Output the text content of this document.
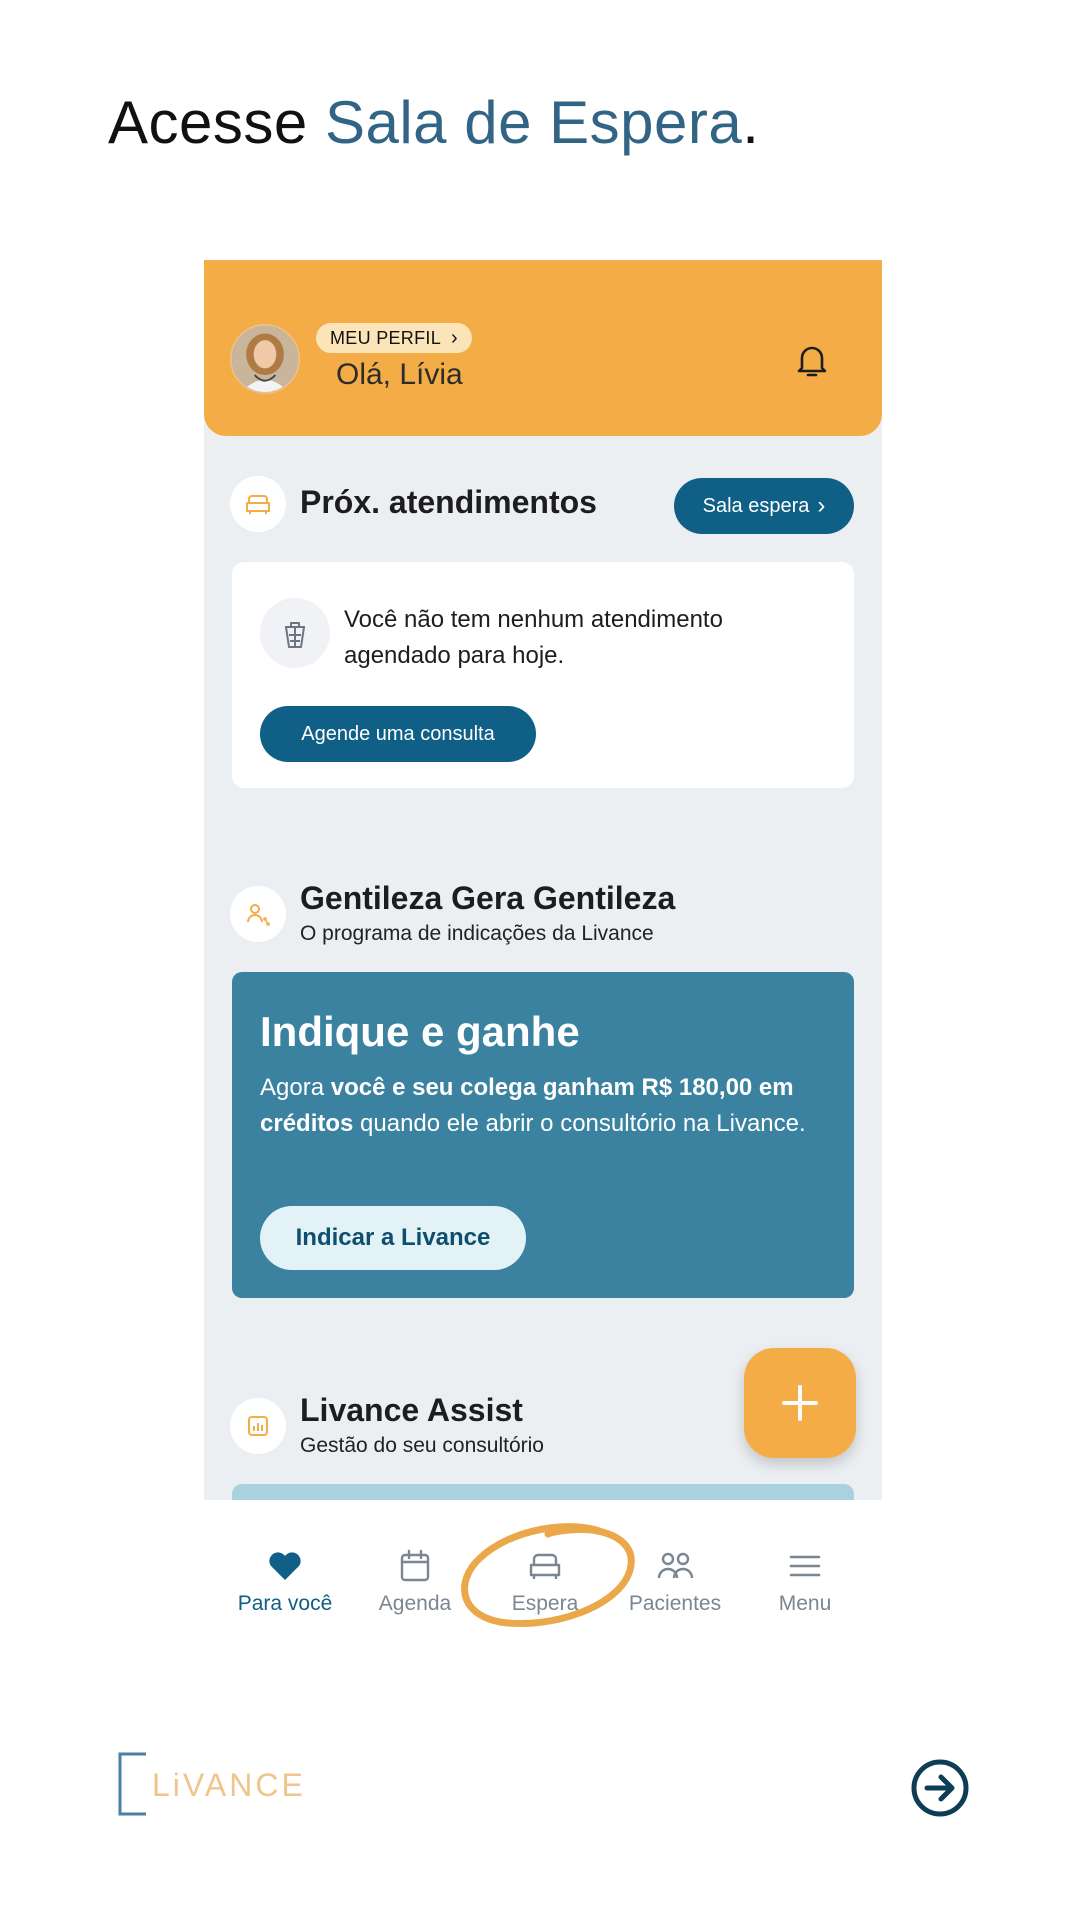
Acesse Sala de Espera.
MEU PERFIL ›
Olá, Lívia
Próx. atendimentos	Sala espera ›
Você não tem nenhum atendimento agendado para hoje.
Agende uma consulta
Gentileza Gera Gentileza
O programa de indicações da Livance
Indique e ganhe
Agora você e seu colega ganham R$ 180,00 em créditos quando ele abrir o consultório na Livance.
Indicar a Livance
Livance Assist
Gestão do seu consultório
Para você Agenda	Espera Pacientes	Menu
LiVANCE
